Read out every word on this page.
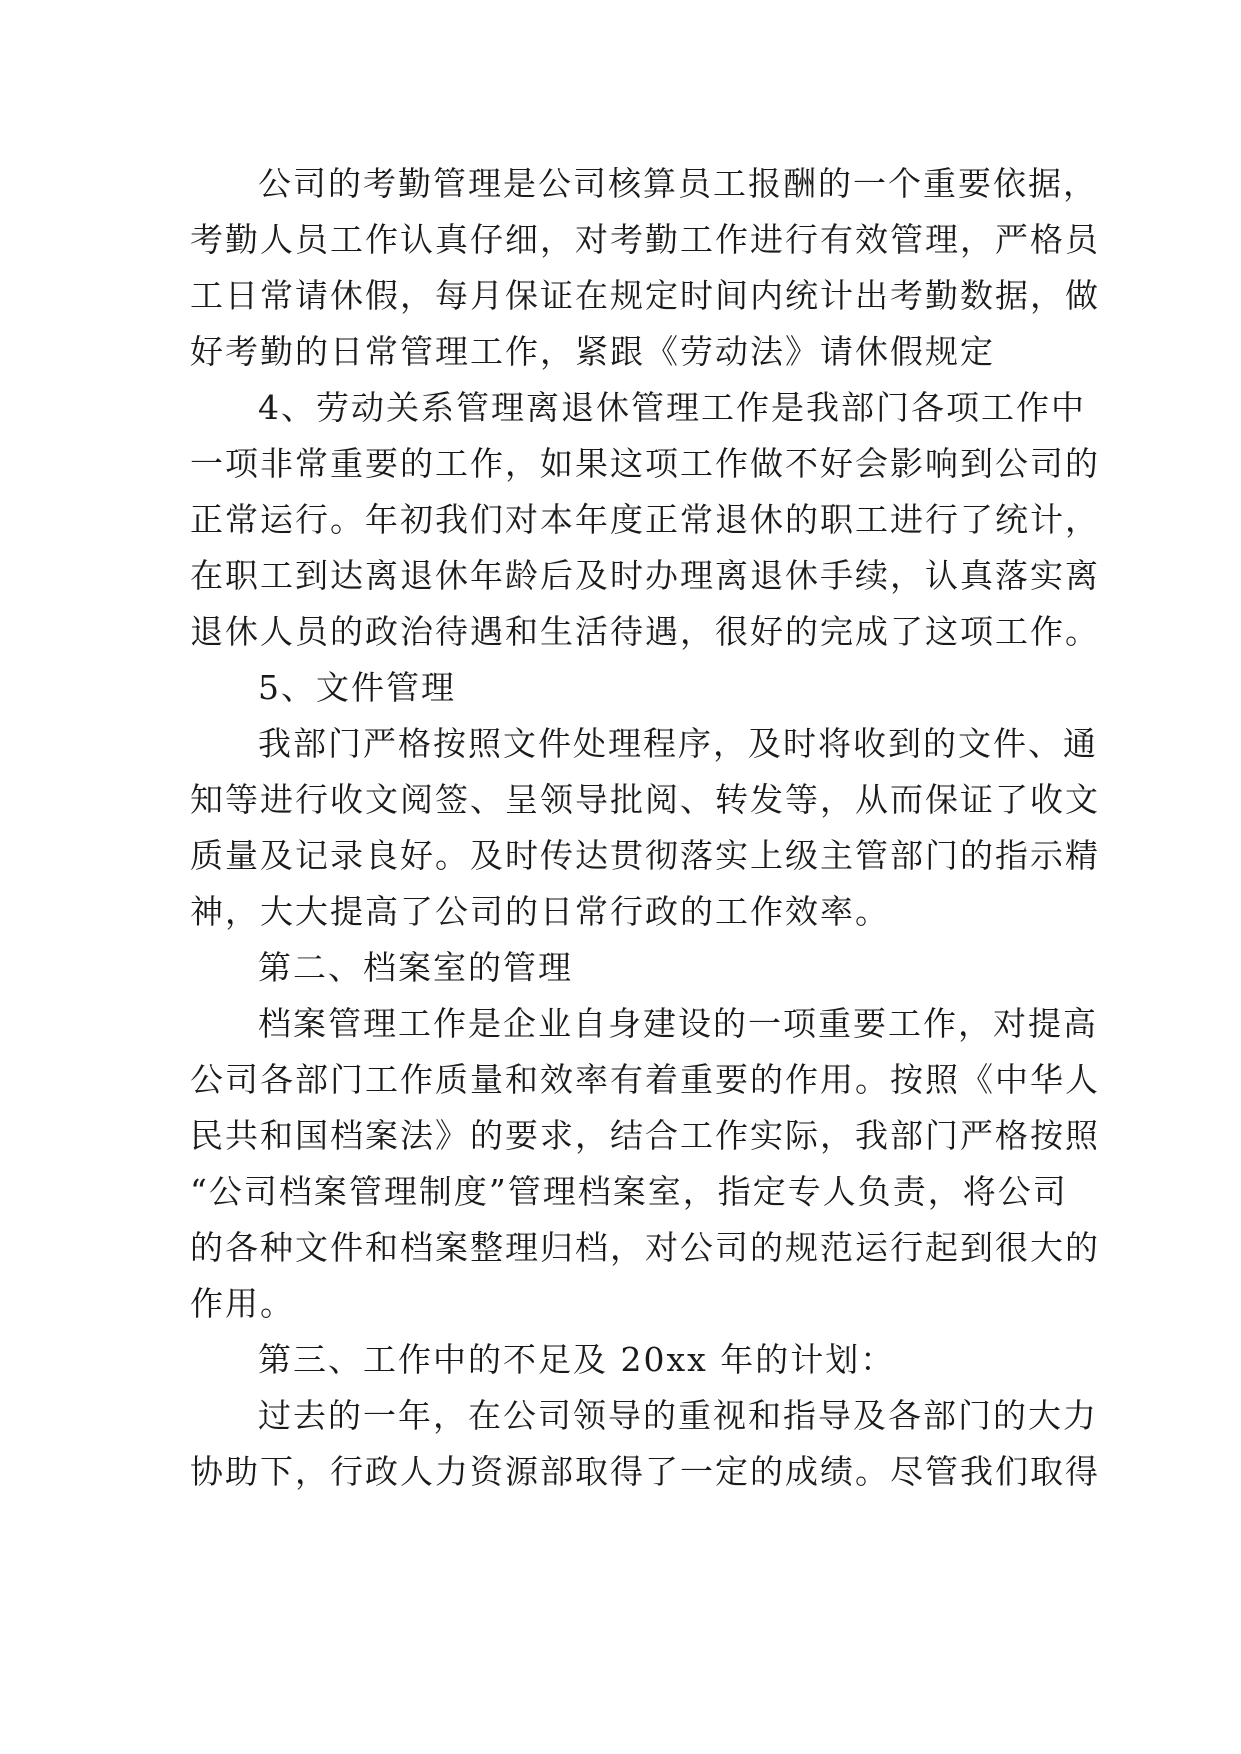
公司的考勤管理是公司核算员工报酬的一个重要依据，

考勤人员工作认真仔细，对考勤工作进行有效管理，严格员

工日常请休假，每月保证在规定时间内统计出考勤数据，做

好考勤的日常管理工作，紧跟《劳动法》请休假规定

4、劳动关系管理离退休管理工作是我部门各项工作中

一项非常重要的工作，如果这项工作做不好会影响到公司的

正常运行。年初我们对本年度正常退休的职工进行了统计，

在职工到达离退休年龄后及时办理离退休手续，认真落实离

退休人员的政治待遇和生活待遇，很好的完成了这项工作。

5、文件管理

我部门严格按照文件处理程序，及时将收到的文件、通

知等进行收文阅签、呈领导批阅、转发等，从而保证了收文

质量及记录良好。及时传达贯彻落实上级主管部门的指示精

神，大大提高了公司的日常行政的工作效率。

第二、档案室的管理

档案管理工作是企业自身建设的一项重要工作，对提高

公司各部门工作质量和效率有着重要的作用。按照《中华人

民共和国档案法》的要求，结合工作实际，我部门严格按照

“公司档案管理制度”管理档案室，指定专人负责，将公司

的各种文件和档案整理归档，对公司的规范运行起到很大的

作用。

第三、工作中的不足及 20xx 年的计划：

过去的一年，在公司领导的重视和指导及各部门的大力

协助下，行政人力资源部取得了一定的成绩。尽管我们取得
